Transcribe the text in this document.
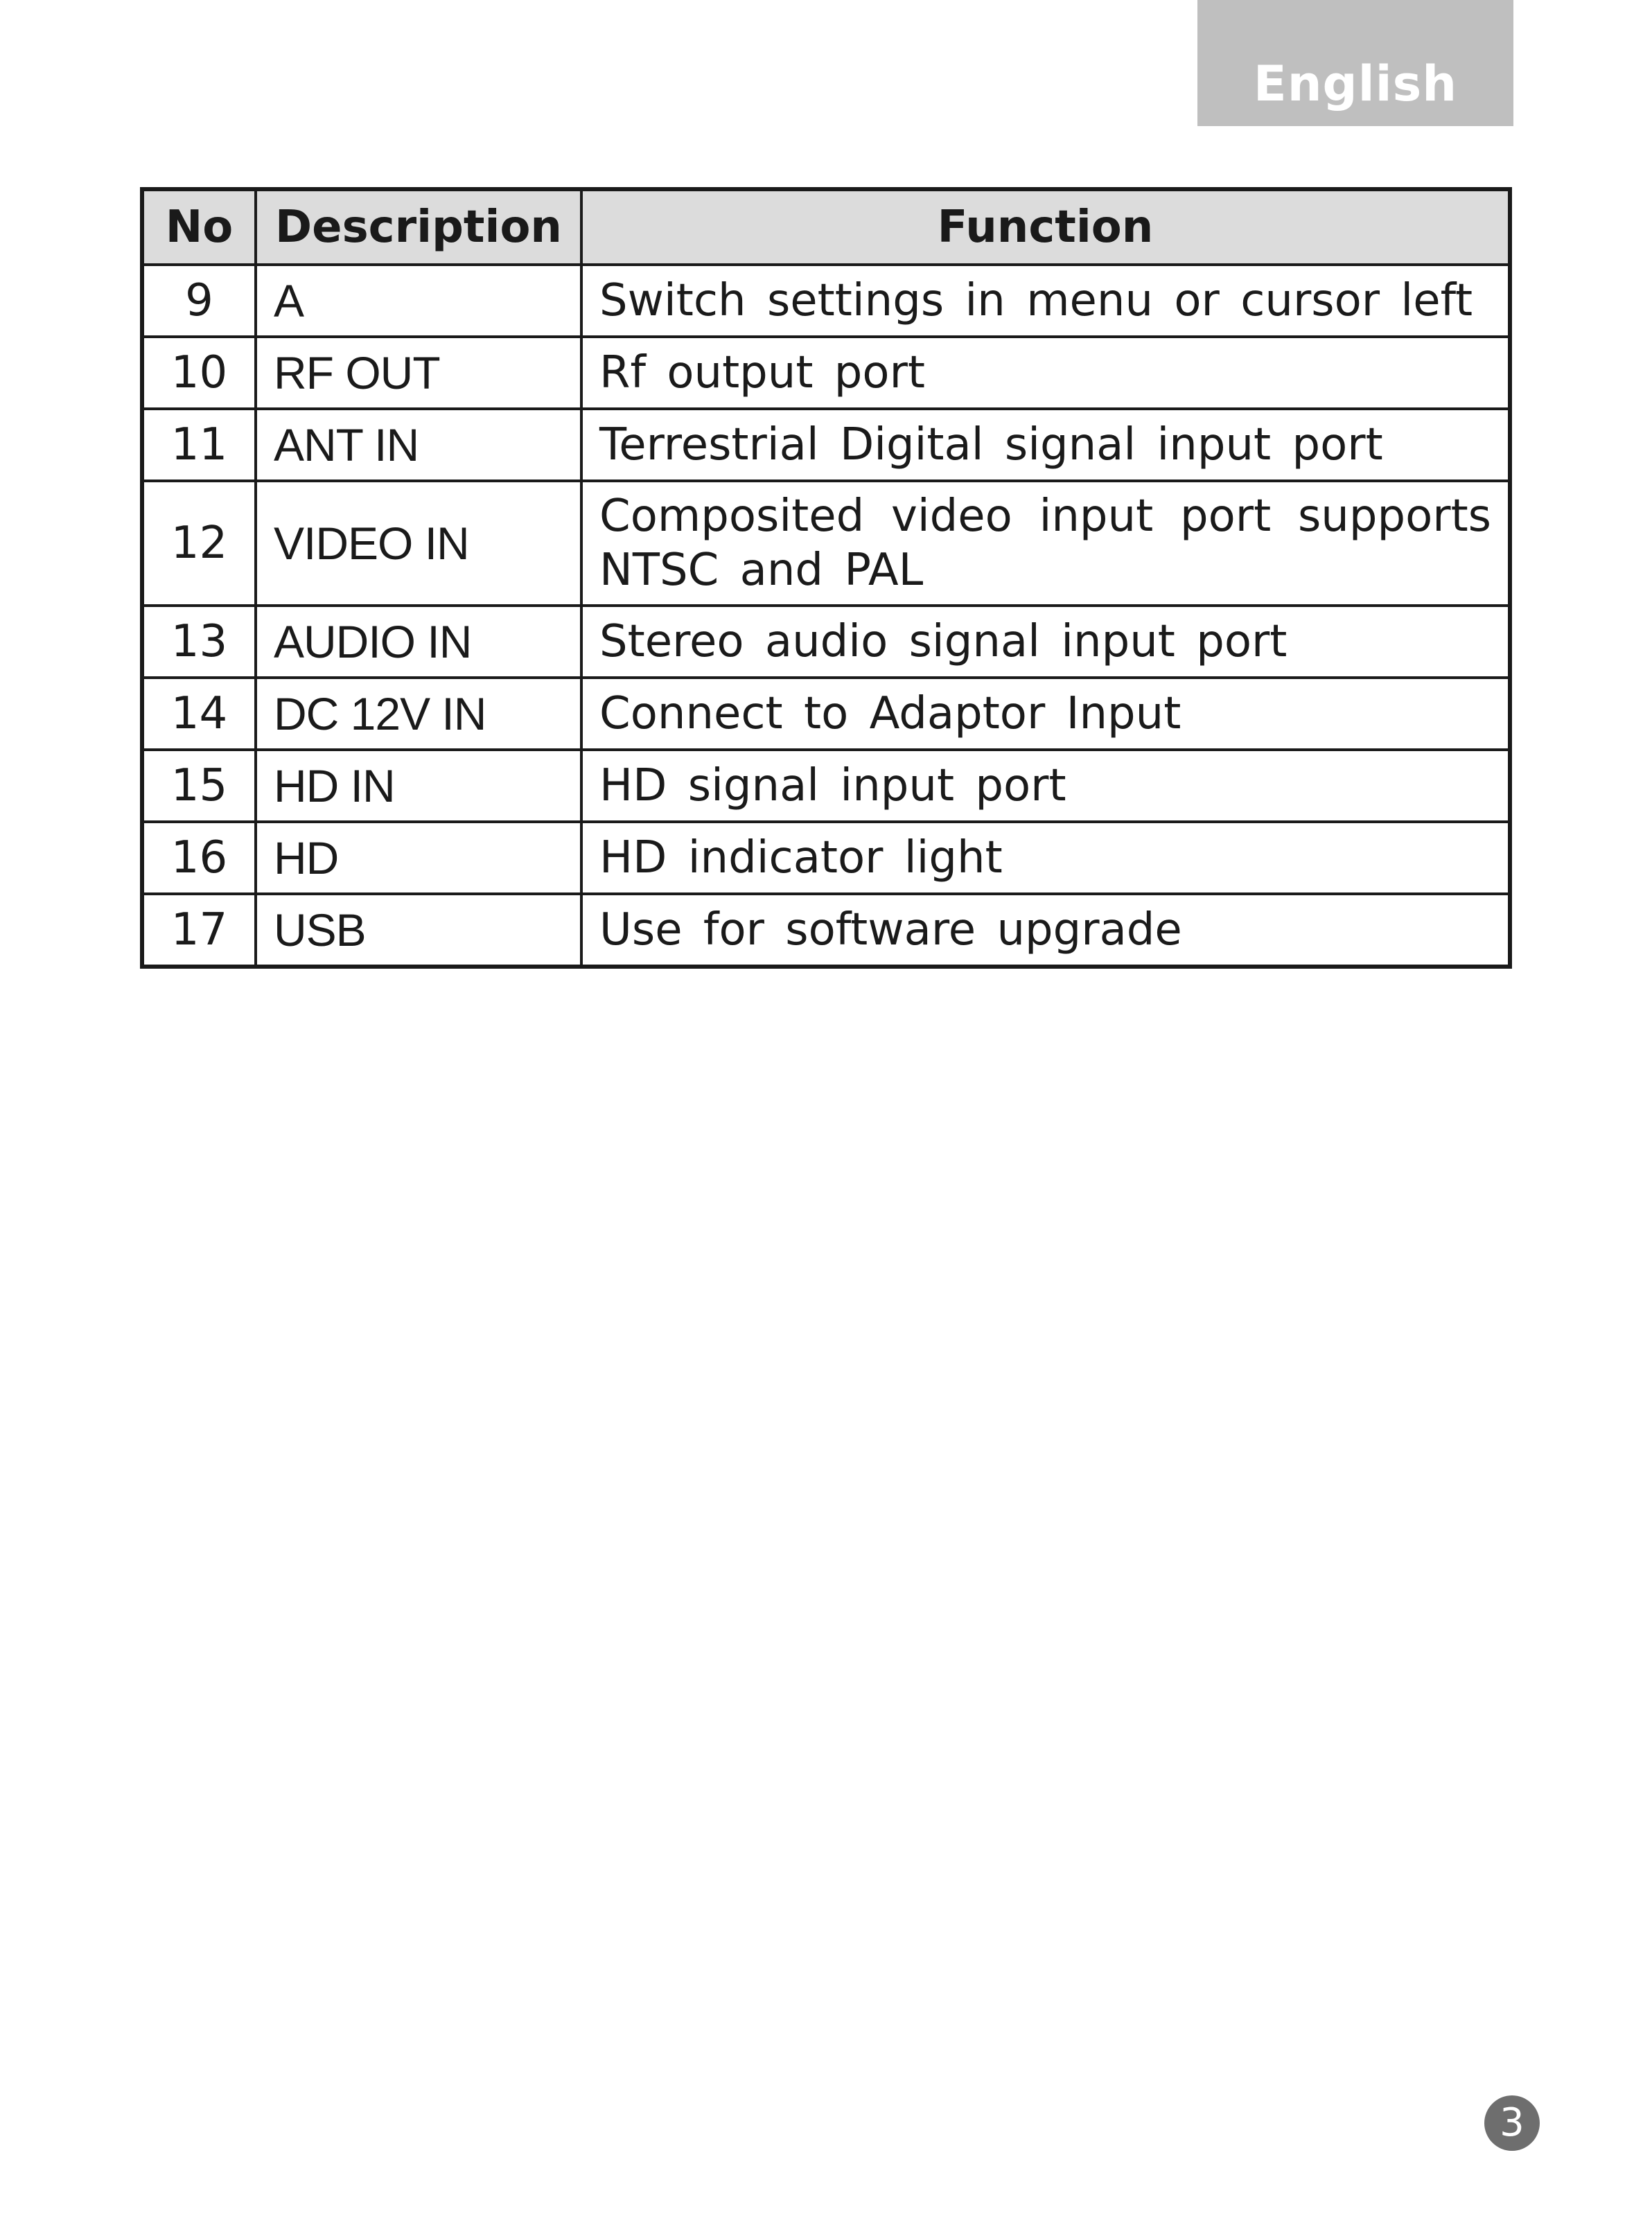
English
No	Description	Function
9	A	Switch settings in menu or cursor left
10	RF OUT	Rf output port
11	ANT IN	Terrestrial Digital signal input port
12	VIDEO IN	Composited video input port supports NTSC and PAL
13	AUDIO IN	Stereo audio signal input port
14	DC 12V IN	Connect to Adaptor Input
15	HD IN	HD signal input port
16	HD	HD indicator light
17	USB	Use for software upgrade
3
